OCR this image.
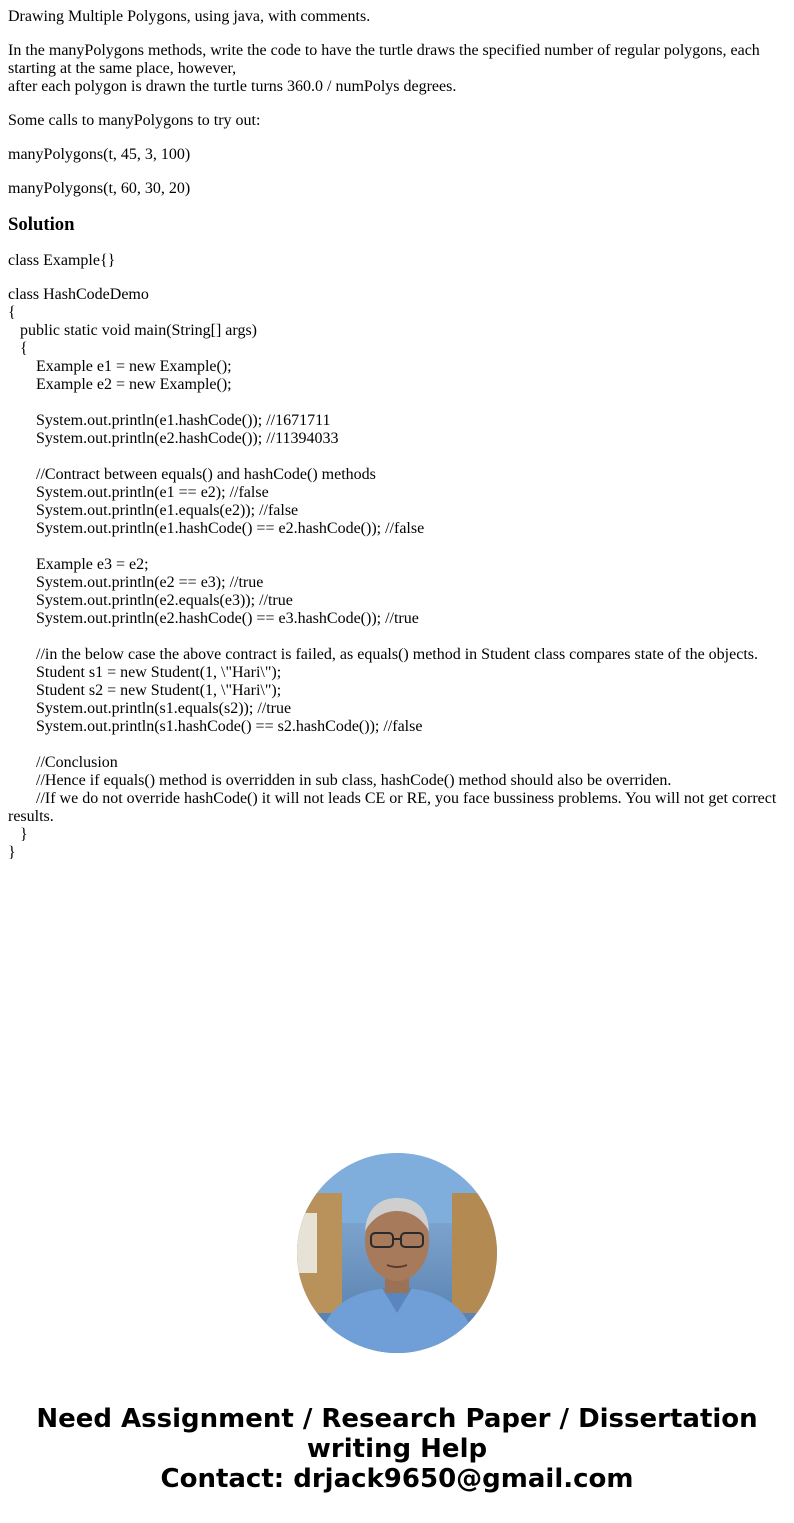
Drawing Multiple Polygons, using java, with comments.

In the manyPolygons methods, write the code to have the turtle draws the specified number of regular polygons, each starting at the same place, however,
after each polygon is drawn the turtle turns 360.0 / numPolys degrees.

Some calls to manyPolygons to try out:

manyPolygons(t, 45, 3, 100)

manyPolygons(t, 60, 30, 20)

Solution
class Example{}
class HashCodeDemo
{
public static void main(String[] args)
{
Example e1 = new Example();
Example e2 = new Example();

System.out.println(e1.hashCode()); //1671711
System.out.println(e2.hashCode()); //11394033

//Contract between equals() and hashCode() methods
System.out.println(e1 == e2); //false
System.out.println(e1.equals(e2)); //false
System.out.println(e1.hashCode() == e2.hashCode()); //false

Example e3 = e2;
System.out.println(e2 == e3); //true
System.out.println(e2.equals(e3)); //true
System.out.println(e2.hashCode() == e3.hashCode()); //true

//in the below case the above contract is failed, as equals() method in Student class compares state of the objects.
Student s1 = new Student(1, \"Hari\");
Student s2 = new Student(1, \"Hari\");
System.out.println(s1.equals(s2)); //true
System.out.println(s1.hashCode() == s2.hashCode()); //false

//Conclusion
//Hence if equals() method is overridden in sub class, hashCode() method should also be overriden.
//If we do not override hashCode() it will not leads CE or RE, you face bussiness problems. You will not get correct results.
}
}
Need Assignment / Research Paper / Dissertation
writing Help
Contact: drjack9650@gmail.com
